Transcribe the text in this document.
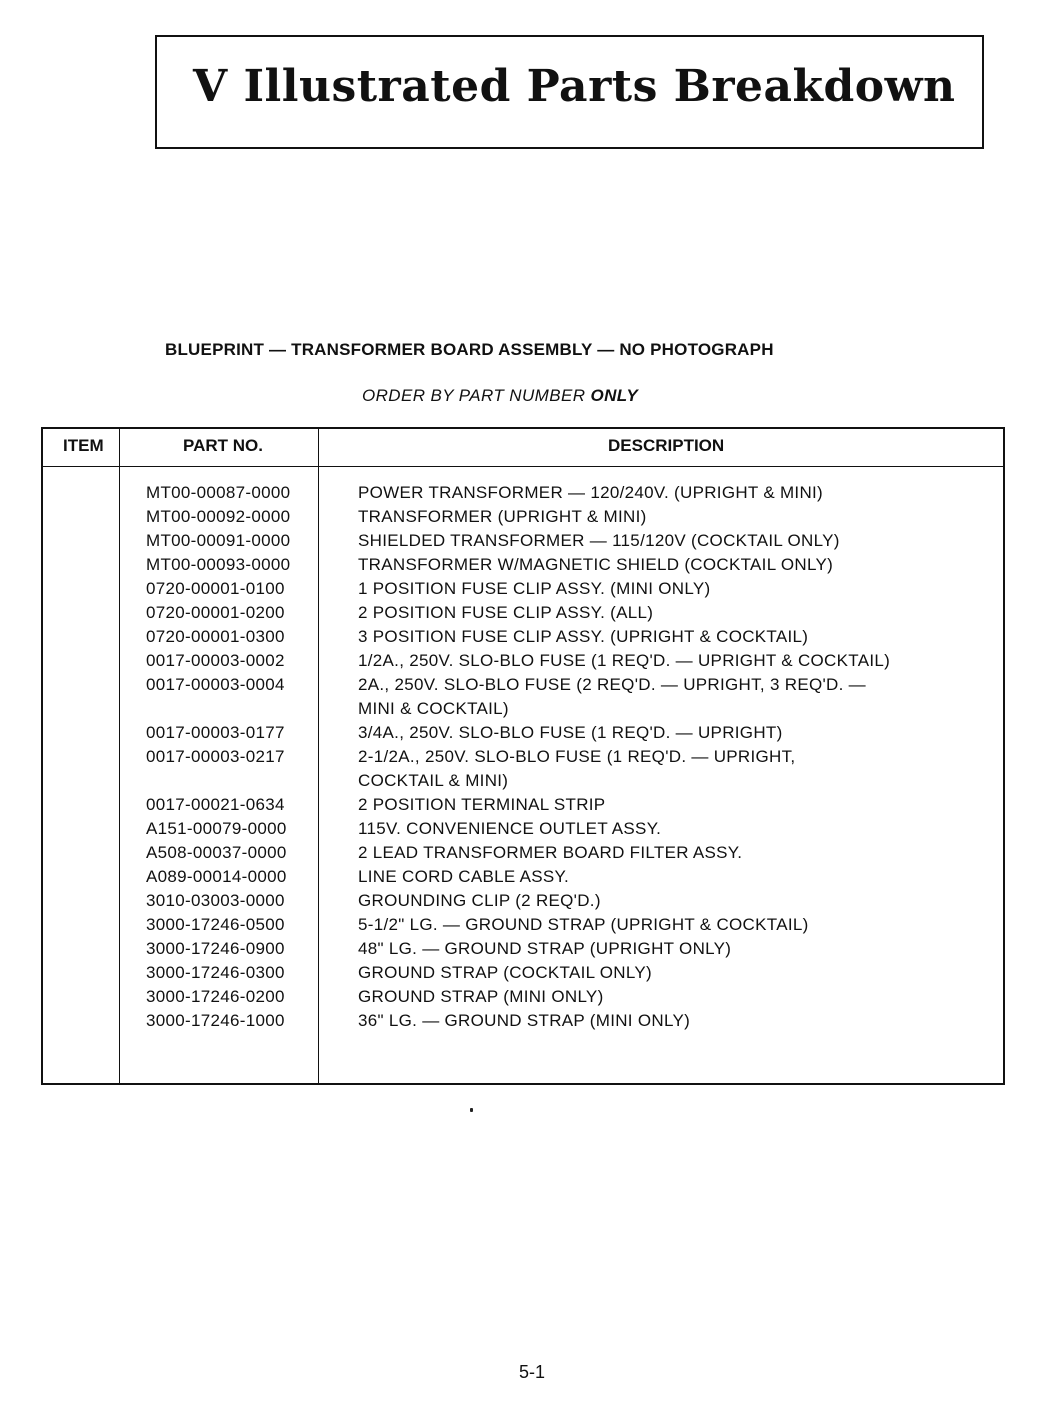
V Illustrated Parts Breakdown
BLUEPRINT — TRANSFORMER BOARD ASSEMBLY — NO PHOTOGRAPH
ORDER BY PART NUMBER ONLY
ITEM	PART NO.	DESCRIPTION
MT00-00087-0000	POWER TRANSFORMER — 120/240V. (UPRIGHT & MINI)
MT00-00092-0000	TRANSFORMER (UPRIGHT & MINI)
MT00-00091-0000	SHIELDED TRANSFORMER — 115/120V (COCKTAIL ONLY)
MT00-00093-0000	TRANSFORMER W/MAGNETIC SHIELD (COCKTAIL ONLY)
0720-00001-0100	1 POSITION FUSE CLIP ASSY. (MINI ONLY)
0720-00001-0200	2 POSITION FUSE CLIP ASSY. (ALL)
0720-00001-0300	3 POSITION FUSE CLIP ASSY. (UPRIGHT & COCKTAIL)
0017-00003-0002	1/2A., 250V. SLO-BLO FUSE (1 REQ'D. — UPRIGHT & COCKTAIL)
0017-00003-0004	2A., 250V. SLO-BLO FUSE (2 REQ'D. — UPRIGHT, 3 REQ'D. —
MINI & COCKTAIL)
0017-00003-0177	3/4A., 250V. SLO-BLO FUSE (1 REQ'D. — UPRIGHT)
0017-00003-0217	2-1/2A., 250V. SLO-BLO FUSE (1 REQ'D. — UPRIGHT,
COCKTAIL & MINI)
0017-00021-0634	2 POSITION TERMINAL STRIP
A151-00079-0000	115V. CONVENIENCE OUTLET ASSY.
A508-00037-0000	2 LEAD TRANSFORMER BOARD FILTER ASSY.
A089-00014-0000	LINE CORD CABLE ASSY.
3010-03003-0000	GROUNDING CLIP (2 REQ'D.)
3000-17246-0500	5-1/2" LG. — GROUND STRAP (UPRIGHT & COCKTAIL)
3000-17246-0900	48" LG. — GROUND STRAP (UPRIGHT ONLY)
3000-17246-0300	GROUND STRAP (COCKTAIL ONLY)
3000-17246-0200	GROUND STRAP (MINI ONLY)
3000-17246-1000	36" LG. — GROUND STRAP (MINI ONLY)
5-1
